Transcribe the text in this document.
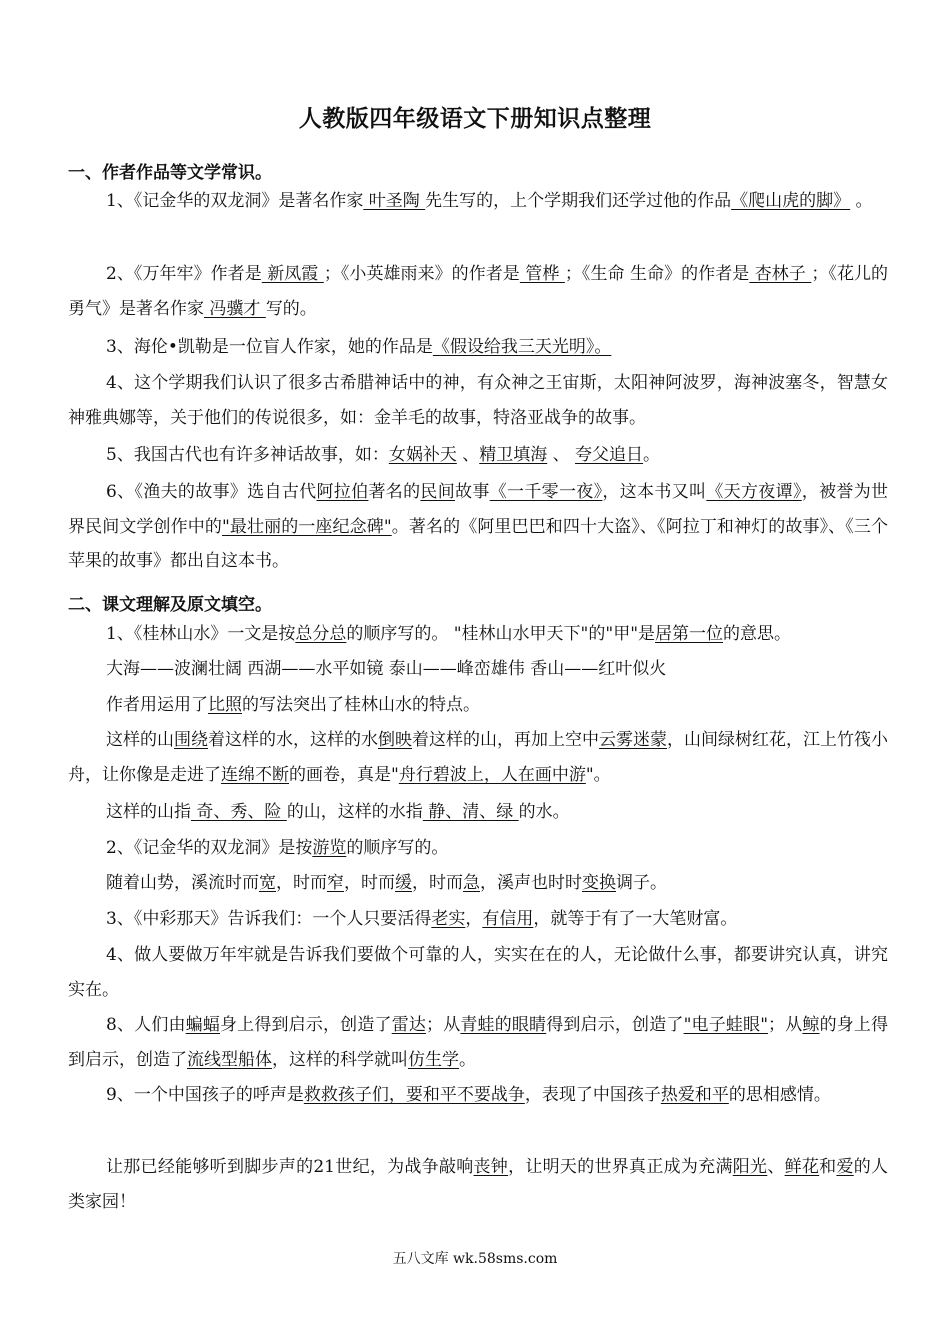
人教版四年级语文下册知识点整理
一、作者作品等文学常识。

1、《记金华的双龙洞》是著名作家 叶圣陶 先生写的，上个学期我们还学过他的作品《爬山虎的脚》 。

2、《万年牢》作者是 新凤霞 ；《小英雄雨来》的作者是 管桦 ；《生命 生命》的作者是 杏林子 ；《花儿的勇气》是著名作家 冯骥才 写的。

3、海伦•凯勒是一位盲人作家，她的作品是《假设给我三天光明》。

4、这个学期我们认识了很多古希腊神话中的神，有众神之王宙斯，太阳神阿波罗，海神波塞冬，智慧女神雅典娜等，关于他们的传说很多，如：金羊毛的故事，特洛亚战争的故事。

5、我国古代也有许多神话故事，如：女娲补天 、精卫填海 、 夸父追日。

6、《渔夫的故事》选自古代阿拉伯著名的民间故事《一千零一夜》，这本书又叫《天方夜谭》，被誉为世界民间文学创作中的"最壮丽的一座纪念碑"。著名的《阿里巴巴和四十大盗》、《阿拉丁和神灯的故事》、《三个苹果的故事》都出自这本书。

二、课文理解及原文填空。

1、《桂林山水》一文是按总分总的顺序写的。 "桂林山水甲天下"的"甲"是居第一位的意思。

大海——波澜壮阔 西湖——水平如镜 泰山——峰峦雄伟 香山——红叶似火

作者用运用了比照的写法突出了桂林山水的特点。

这样的山围绕着这样的水，这样的水倒映着这样的山，再加上空中云雾迷蒙，山间绿树红花，江上竹筏小舟，让你像是走进了连绵不断的画卷，真是"舟行碧波上，人在画中游"。

这样的山指 奇、秀、险 的山，这样的水指 静、清、绿 的水。

2、《记金华的双龙洞》是按游览的顺序写的。

随着山势，溪流时而宽，时而窄，时而缓，时而急，溪声也时时变换调子。

3、《中彩那天》告诉我们：一个人只要活得老实，有信用，就等于有了一大笔财富。

4、做人要做万年牢就是告诉我们要做个可靠的人，实实在在的人，无论做什么事，都要讲究认真，讲究实在。

8、人们由蝙蝠身上得到启示，创造了雷达；从青蛙的眼睛得到启示，创造了"电子蛙眼"；从鲸的身上得到启示，创造了流线型船体，这样的科学就叫仿生学。

9、一个中国孩子的呼声是救救孩子们，要和平不要战争，表现了中国孩子热爱和平的思相感情。

让那已经能够听到脚步声的21世纪，为战争敲响丧钟，让明天的世界真正成为充满阳光、鲜花和爱的人类家园！

五八文库 wk.58sms.com
